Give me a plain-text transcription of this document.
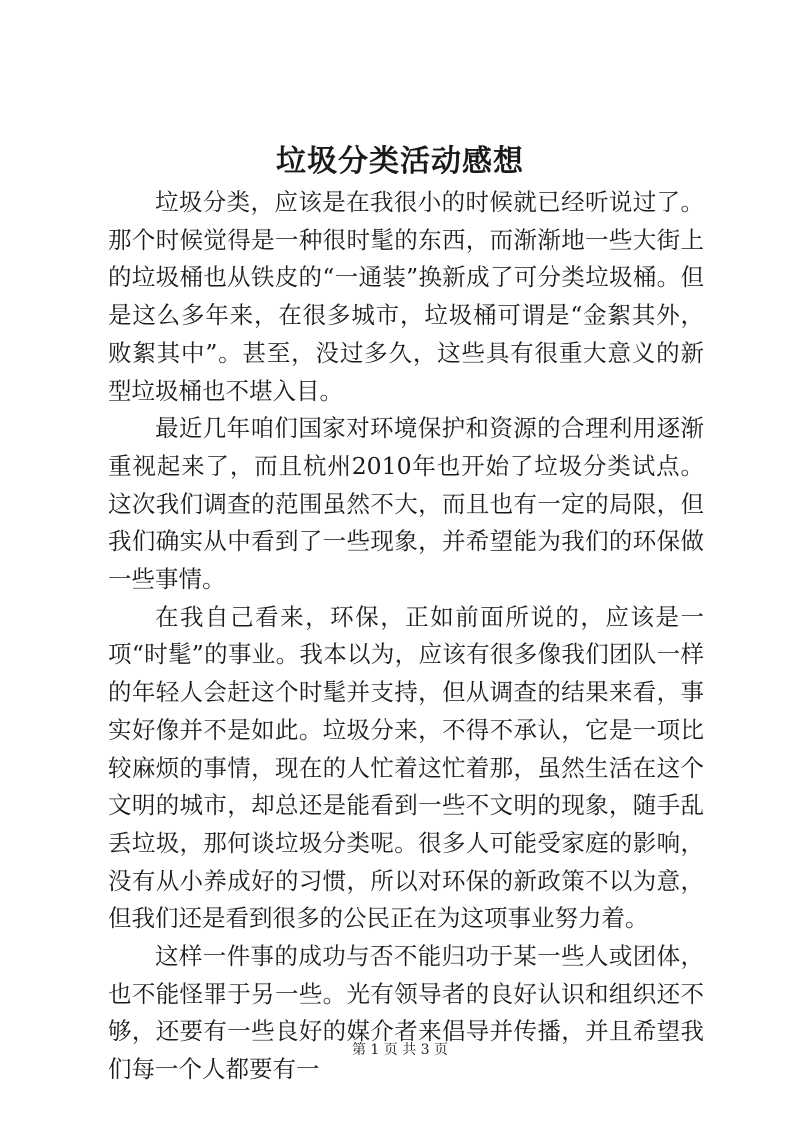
垃圾分类活动感想

垃圾分类，应该是在我很小的时候就已经听说过了。那个时候觉得是一种很时髦的东西，而渐渐地一些大街上的垃圾桶也从铁皮的“一通装”换新成了可分类垃圾桶。但是这么多年来，在很多城市，垃圾桶可谓是“金絮其外，败絮其中”。甚至，没过多久，这些具有很重大意义的新型垃圾桶也不堪入目。

最近几年咱们国家对环境保护和资源的合理利用逐渐重视起来了，而且杭州2010年也开始了垃圾分类试点。这次我们调查的范围虽然不大，而且也有一定的局限，但我们确实从中看到了一些现象，并希望能为我们的环保做一些事情。

在我自己看来，环保，正如前面所说的，应该是一项“时髦”的事业。我本以为，应该有很多像我们团队一样的年轻人会赶这个时髦并支持，但从调查的结果来看，事实好像并不是如此。垃圾分来，不得不承认，它是一项比较麻烦的事情，现在的人忙着这忙着那，虽然生活在这个文明的城市，却总还是能看到一些不文明的现象，随手乱丢垃圾，那何谈垃圾分类呢。很多人可能受家庭的影响，没有从小养成好的习惯，所以对环保的新政策不以为意，但我们还是看到很多的公民正在为这项事业努力着。

这样一件事的成功与否不能归功于某一些人或团体，也不能怪罪于另一些。光有领导者的良好认识和组织还不够，还要有一些良好的媒介者来倡导并传播，并且希望我们每一个人都要有一

第 1 页 共 3 页
